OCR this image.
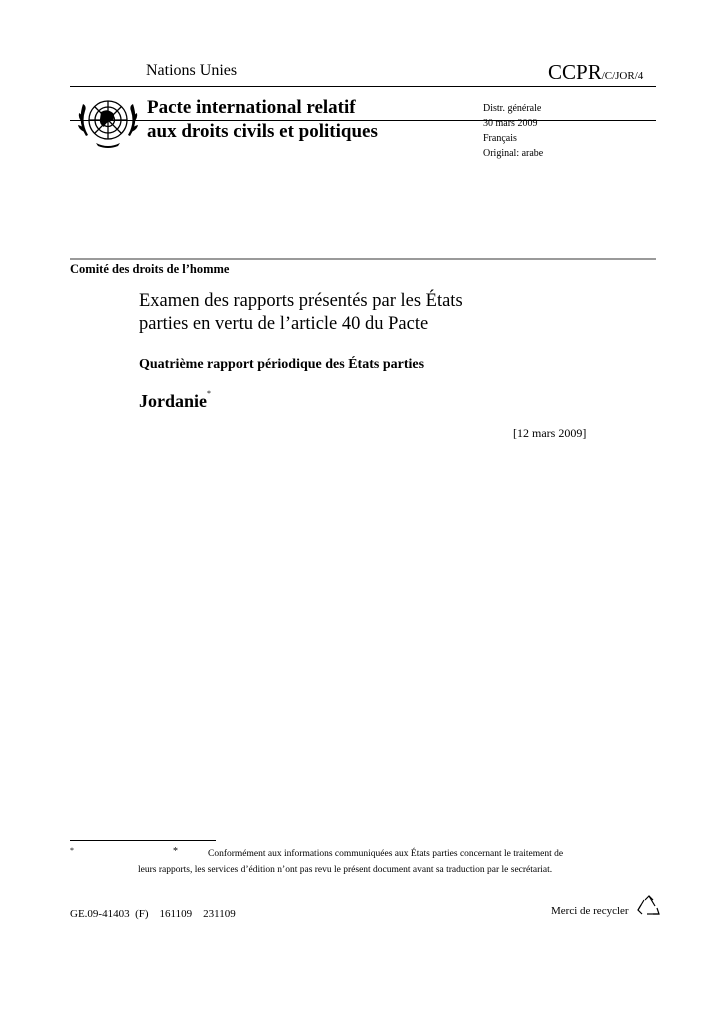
Nations Unies	CCPR/C/JOR/4
Pacte international relatif
aux droits civils et politiques
Distr. générale
30 mars 2009
Français
Original: arabe
Comité des droits de l’homme
Examen des rapports présentés par les États
parties en vertu de l’article 40 du Pacte
Quatrième rapport périodique des États parties
Jordanie*
[12 mars 2009]
*	*	Conformément aux informations communiquées aux États parties concernant le traitement de leurs rapports, les services d’édition n’ont pas revu le présent document avant sa traduction par le secrétariat.
GE.09-41403  (F)    161109    231109	Merci de recycler
